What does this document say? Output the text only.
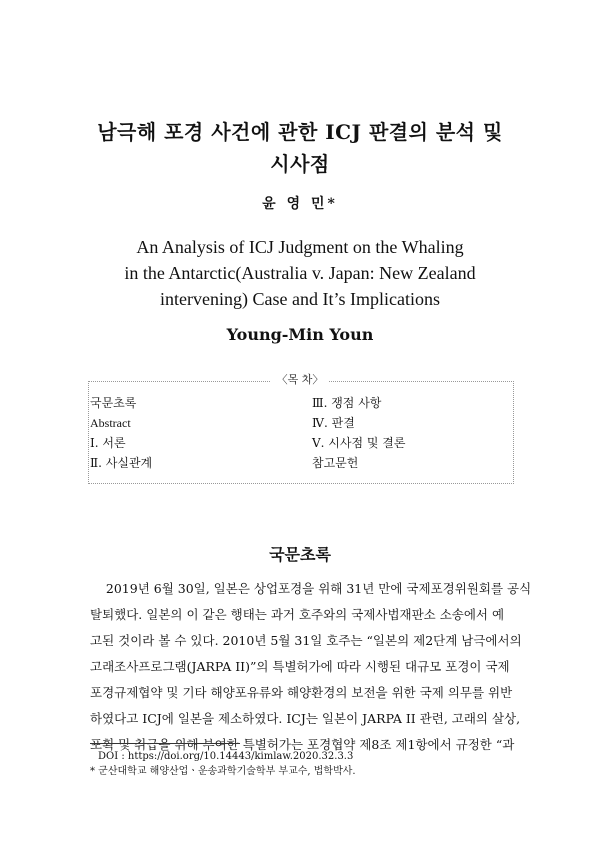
남극해 포경 사건에 관한 ICJ 판결의 분석 및
시사점
윤 영 민*
An Analysis of ICJ Judgment on the Whaling
in the Antarctic(Australia v. Japan: New Zealand
intervening) Case and It’s Implications
Young-Min Youn
〈목 차〉
국문초록
Abstract
Ⅰ. 서론
Ⅱ. 사실관계
Ⅲ. 쟁점 사항
Ⅳ. 판결
Ⅴ. 시사점 및 결론
참고문헌
국문초록
2019년 6월 30일, 일본은 상업포경을 위해 31년 만에 국제포경위원회를 공식
탈퇴했다. 일본의 이 같은 행태는 과거 호주와의 국제사법재판소 소송에서 예
고된 것이라 볼 수 있다. 2010년 5월 31일 호주는 “일본의 제2단계 남극에서의
고래조사프로그램(JARPA II)”의 특별허가에 따라 시행된 대규모 포경이 국제
포경규제협약 및 기타 해양포유류와 해양환경의 보전을 위한 국제 의무를 위반
하였다고 ICJ에 일본을 제소하였다. ICJ는 일본이 JARPA II 관련, 고래의 살상,
포획 및 취급을 위해 부여한 특별허가는 포경협약 제8조 제1항에서 규정한 “과
DOI : https://doi.org/10.14443/kimlaw.2020.32.3.3
* 군산대학교 해양산업ㆍ운송과학기술학부 부교수, 법학박사.
